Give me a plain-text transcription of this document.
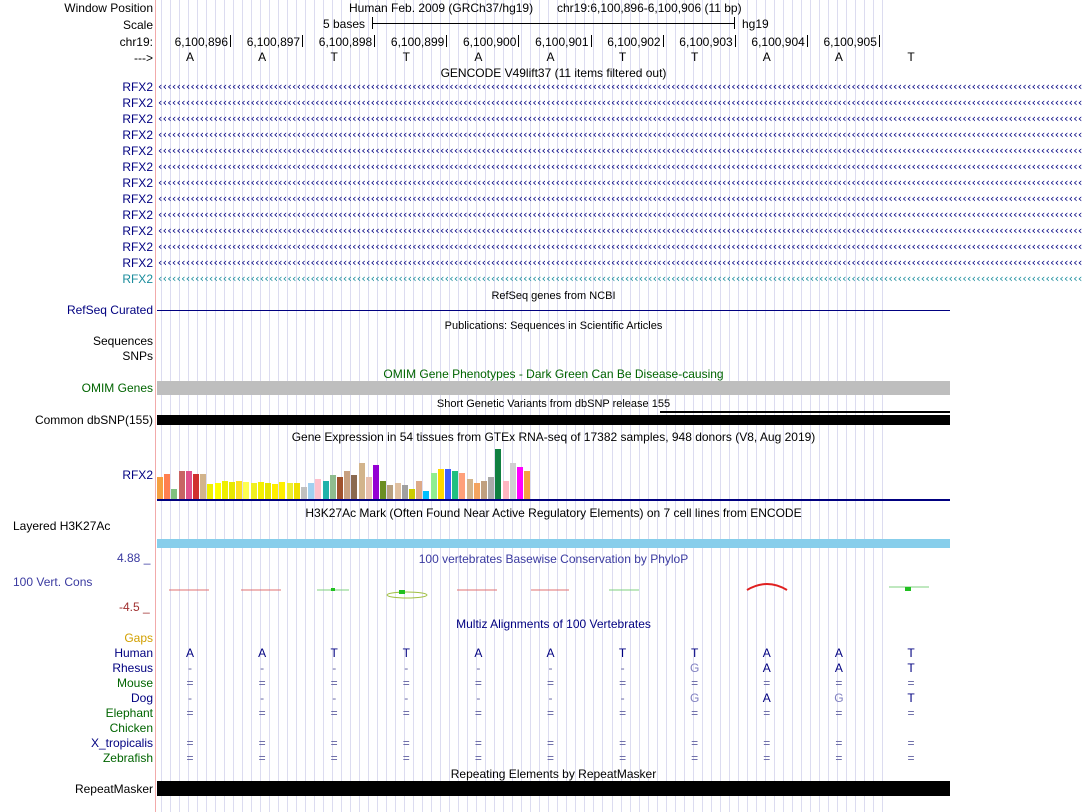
Window Position	Human Feb. 2009 (GRCh37/hg19) chr19:6,100,896-6,100,906 (11 bp)
Scale	5 bases	hg19
chr19:	6,100,896	6,100,897	6,100,898	6,100,899	6,100,900	6,100,901	6,100,902	6,100,903	6,100,904	6,100,905
--->	A	A	T	T	A	A	T	T	A	A	T
GENCODE V49lift37 (11 items filtered out)
RFX2 ‹‹‹‹‹‹‹‹‹‹‹‹‹‹‹‹‹‹‹‹‹‹‹‹‹‹‹‹‹‹‹‹‹‹‹‹‹‹‹‹‹‹‹‹‹‹‹‹‹‹‹‹‹‹‹‹‹‹‹‹‹‹‹‹‹‹‹‹‹‹‹‹‹‹‹‹‹‹‹‹‹‹‹‹‹‹‹‹‹‹‹‹‹‹‹‹‹‹‹‹‹‹‹‹‹‹‹‹‹‹‹‹‹‹‹‹‹‹‹‹‹‹‹‹‹‹‹‹‹‹‹‹‹‹‹‹‹‹‹‹‹‹‹‹‹‹‹‹‹‹‹‹‹‹‹‹‹‹‹‹‹‹‹‹‹‹‹‹‹‹‹‹‹‹‹‹‹‹‹‹‹‹‹‹‹‹‹‹‹‹‹‹‹‹‹‹‹‹‹‹
RFX2 ‹‹‹‹‹‹‹‹‹‹‹‹‹‹‹‹‹‹‹‹‹‹‹‹‹‹‹‹‹‹‹‹‹‹‹‹‹‹‹‹‹‹‹‹‹‹‹‹‹‹‹‹‹‹‹‹‹‹‹‹‹‹‹‹‹‹‹‹‹‹‹‹‹‹‹‹‹‹‹‹‹‹‹‹‹‹‹‹‹‹‹‹‹‹‹‹‹‹‹‹‹‹‹‹‹‹‹‹‹‹‹‹‹‹‹‹‹‹‹‹‹‹‹‹‹‹‹‹‹‹‹‹‹‹‹‹‹‹‹‹‹‹‹‹‹‹‹‹‹‹‹‹‹‹‹‹‹‹‹‹‹‹‹‹‹‹‹‹‹‹‹‹‹‹‹‹‹‹‹‹‹‹‹‹‹‹‹‹‹‹‹‹‹‹‹‹‹‹‹‹
RFX2 ‹‹‹‹‹‹‹‹‹‹‹‹‹‹‹‹‹‹‹‹‹‹‹‹‹‹‹‹‹‹‹‹‹‹‹‹‹‹‹‹‹‹‹‹‹‹‹‹‹‹‹‹‹‹‹‹‹‹‹‹‹‹‹‹‹‹‹‹‹‹‹‹‹‹‹‹‹‹‹‹‹‹‹‹‹‹‹‹‹‹‹‹‹‹‹‹‹‹‹‹‹‹‹‹‹‹‹‹‹‹‹‹‹‹‹‹‹‹‹‹‹‹‹‹‹‹‹‹‹‹‹‹‹‹‹‹‹‹‹‹‹‹‹‹‹‹‹‹‹‹‹‹‹‹‹‹‹‹‹‹‹‹‹‹‹‹‹‹‹‹‹‹‹‹‹‹‹‹‹‹‹‹‹‹‹‹‹‹‹‹‹‹‹‹‹‹‹‹‹‹
RFX2 ‹‹‹‹‹‹‹‹‹‹‹‹‹‹‹‹‹‹‹‹‹‹‹‹‹‹‹‹‹‹‹‹‹‹‹‹‹‹‹‹‹‹‹‹‹‹‹‹‹‹‹‹‹‹‹‹‹‹‹‹‹‹‹‹‹‹‹‹‹‹‹‹‹‹‹‹‹‹‹‹‹‹‹‹‹‹‹‹‹‹‹‹‹‹‹‹‹‹‹‹‹‹‹‹‹‹‹‹‹‹‹‹‹‹‹‹‹‹‹‹‹‹‹‹‹‹‹‹‹‹‹‹‹‹‹‹‹‹‹‹‹‹‹‹‹‹‹‹‹‹‹‹‹‹‹‹‹‹‹‹‹‹‹‹‹‹‹‹‹‹‹‹‹‹‹‹‹‹‹‹‹‹‹‹‹‹‹‹‹‹‹‹‹‹‹‹‹‹‹‹
RFX2 ‹‹‹‹‹‹‹‹‹‹‹‹‹‹‹‹‹‹‹‹‹‹‹‹‹‹‹‹‹‹‹‹‹‹‹‹‹‹‹‹‹‹‹‹‹‹‹‹‹‹‹‹‹‹‹‹‹‹‹‹‹‹‹‹‹‹‹‹‹‹‹‹‹‹‹‹‹‹‹‹‹‹‹‹‹‹‹‹‹‹‹‹‹‹‹‹‹‹‹‹‹‹‹‹‹‹‹‹‹‹‹‹‹‹‹‹‹‹‹‹‹‹‹‹‹‹‹‹‹‹‹‹‹‹‹‹‹‹‹‹‹‹‹‹‹‹‹‹‹‹‹‹‹‹‹‹‹‹‹‹‹‹‹‹‹‹‹‹‹‹‹‹‹‹‹‹‹‹‹‹‹‹‹‹‹‹‹‹‹‹‹‹‹‹‹‹‹‹‹‹
RFX2 ‹‹‹‹‹‹‹‹‹‹‹‹‹‹‹‹‹‹‹‹‹‹‹‹‹‹‹‹‹‹‹‹‹‹‹‹‹‹‹‹‹‹‹‹‹‹‹‹‹‹‹‹‹‹‹‹‹‹‹‹‹‹‹‹‹‹‹‹‹‹‹‹‹‹‹‹‹‹‹‹‹‹‹‹‹‹‹‹‹‹‹‹‹‹‹‹‹‹‹‹‹‹‹‹‹‹‹‹‹‹‹‹‹‹‹‹‹‹‹‹‹‹‹‹‹‹‹‹‹‹‹‹‹‹‹‹‹‹‹‹‹‹‹‹‹‹‹‹‹‹‹‹‹‹‹‹‹‹‹‹‹‹‹‹‹‹‹‹‹‹‹‹‹‹‹‹‹‹‹‹‹‹‹‹‹‹‹‹‹‹‹‹‹‹‹‹‹‹‹‹
RFX2 ‹‹‹‹‹‹‹‹‹‹‹‹‹‹‹‹‹‹‹‹‹‹‹‹‹‹‹‹‹‹‹‹‹‹‹‹‹‹‹‹‹‹‹‹‹‹‹‹‹‹‹‹‹‹‹‹‹‹‹‹‹‹‹‹‹‹‹‹‹‹‹‹‹‹‹‹‹‹‹‹‹‹‹‹‹‹‹‹‹‹‹‹‹‹‹‹‹‹‹‹‹‹‹‹‹‹‹‹‹‹‹‹‹‹‹‹‹‹‹‹‹‹‹‹‹‹‹‹‹‹‹‹‹‹‹‹‹‹‹‹‹‹‹‹‹‹‹‹‹‹‹‹‹‹‹‹‹‹‹‹‹‹‹‹‹‹‹‹‹‹‹‹‹‹‹‹‹‹‹‹‹‹‹‹‹‹‹‹‹‹‹‹‹‹‹‹‹‹‹‹
RFX2 ‹‹‹‹‹‹‹‹‹‹‹‹‹‹‹‹‹‹‹‹‹‹‹‹‹‹‹‹‹‹‹‹‹‹‹‹‹‹‹‹‹‹‹‹‹‹‹‹‹‹‹‹‹‹‹‹‹‹‹‹‹‹‹‹‹‹‹‹‹‹‹‹‹‹‹‹‹‹‹‹‹‹‹‹‹‹‹‹‹‹‹‹‹‹‹‹‹‹‹‹‹‹‹‹‹‹‹‹‹‹‹‹‹‹‹‹‹‹‹‹‹‹‹‹‹‹‹‹‹‹‹‹‹‹‹‹‹‹‹‹‹‹‹‹‹‹‹‹‹‹‹‹‹‹‹‹‹‹‹‹‹‹‹‹‹‹‹‹‹‹‹‹‹‹‹‹‹‹‹‹‹‹‹‹‹‹‹‹‹‹‹‹‹‹‹‹‹‹‹‹
RFX2 ‹‹‹‹‹‹‹‹‹‹‹‹‹‹‹‹‹‹‹‹‹‹‹‹‹‹‹‹‹‹‹‹‹‹‹‹‹‹‹‹‹‹‹‹‹‹‹‹‹‹‹‹‹‹‹‹‹‹‹‹‹‹‹‹‹‹‹‹‹‹‹‹‹‹‹‹‹‹‹‹‹‹‹‹‹‹‹‹‹‹‹‹‹‹‹‹‹‹‹‹‹‹‹‹‹‹‹‹‹‹‹‹‹‹‹‹‹‹‹‹‹‹‹‹‹‹‹‹‹‹‹‹‹‹‹‹‹‹‹‹‹‹‹‹‹‹‹‹‹‹‹‹‹‹‹‹‹‹‹‹‹‹‹‹‹‹‹‹‹‹‹‹‹‹‹‹‹‹‹‹‹‹‹‹‹‹‹‹‹‹‹‹‹‹‹‹‹‹‹‹
RFX2 ‹‹‹‹‹‹‹‹‹‹‹‹‹‹‹‹‹‹‹‹‹‹‹‹‹‹‹‹‹‹‹‹‹‹‹‹‹‹‹‹‹‹‹‹‹‹‹‹‹‹‹‹‹‹‹‹‹‹‹‹‹‹‹‹‹‹‹‹‹‹‹‹‹‹‹‹‹‹‹‹‹‹‹‹‹‹‹‹‹‹‹‹‹‹‹‹‹‹‹‹‹‹‹‹‹‹‹‹‹‹‹‹‹‹‹‹‹‹‹‹‹‹‹‹‹‹‹‹‹‹‹‹‹‹‹‹‹‹‹‹‹‹‹‹‹‹‹‹‹‹‹‹‹‹‹‹‹‹‹‹‹‹‹‹‹‹‹‹‹‹‹‹‹‹‹‹‹‹‹‹‹‹‹‹‹‹‹‹‹‹‹‹‹‹‹‹‹‹‹‹
RFX2 ‹‹‹‹‹‹‹‹‹‹‹‹‹‹‹‹‹‹‹‹‹‹‹‹‹‹‹‹‹‹‹‹‹‹‹‹‹‹‹‹‹‹‹‹‹‹‹‹‹‹‹‹‹‹‹‹‹‹‹‹‹‹‹‹‹‹‹‹‹‹‹‹‹‹‹‹‹‹‹‹‹‹‹‹‹‹‹‹‹‹‹‹‹‹‹‹‹‹‹‹‹‹‹‹‹‹‹‹‹‹‹‹‹‹‹‹‹‹‹‹‹‹‹‹‹‹‹‹‹‹‹‹‹‹‹‹‹‹‹‹‹‹‹‹‹‹‹‹‹‹‹‹‹‹‹‹‹‹‹‹‹‹‹‹‹‹‹‹‹‹‹‹‹‹‹‹‹‹‹‹‹‹‹‹‹‹‹‹‹‹‹‹‹‹‹‹‹‹‹‹
RFX2 ‹‹‹‹‹‹‹‹‹‹‹‹‹‹‹‹‹‹‹‹‹‹‹‹‹‹‹‹‹‹‹‹‹‹‹‹‹‹‹‹‹‹‹‹‹‹‹‹‹‹‹‹‹‹‹‹‹‹‹‹‹‹‹‹‹‹‹‹‹‹‹‹‹‹‹‹‹‹‹‹‹‹‹‹‹‹‹‹‹‹‹‹‹‹‹‹‹‹‹‹‹‹‹‹‹‹‹‹‹‹‹‹‹‹‹‹‹‹‹‹‹‹‹‹‹‹‹‹‹‹‹‹‹‹‹‹‹‹‹‹‹‹‹‹‹‹‹‹‹‹‹‹‹‹‹‹‹‹‹‹‹‹‹‹‹‹‹‹‹‹‹‹‹‹‹‹‹‹‹‹‹‹‹‹‹‹‹‹‹‹‹‹‹‹‹‹‹‹‹‹
RFX2 ‹‹‹‹‹‹‹‹‹‹‹‹‹‹‹‹‹‹‹‹‹‹‹‹‹‹‹‹‹‹‹‹‹‹‹‹‹‹‹‹‹‹‹‹‹‹‹‹‹‹‹‹‹‹‹‹‹‹‹‹‹‹‹‹‹‹‹‹‹‹‹‹‹‹‹‹‹‹‹‹‹‹‹‹‹‹‹‹‹‹‹‹‹‹‹‹‹‹‹‹‹‹‹‹‹‹‹‹‹‹‹‹‹‹‹‹‹‹‹‹‹‹‹‹‹‹‹‹‹‹‹‹‹‹‹‹‹‹‹‹‹‹‹‹‹‹‹‹‹‹‹‹‹‹‹‹‹‹‹‹‹‹‹‹‹‹‹‹‹‹‹‹‹‹‹‹‹‹‹‹‹‹‹‹‹‹‹‹‹‹‹‹‹‹‹‹‹‹‹‹
RefSeq genes from NCBI
RefSeq Curated
Publications: Sequences in Scientific Articles
Sequences
SNPs
OMIM Gene Phenotypes - Dark Green Can Be Disease-causing
OMIM Genes
Short Genetic Variants from dbSNP release 155
Common dbSNP(155)
Gene Expression in 54 tissues from GTEx RNA-seq of 17382 samples, 948 donors (V8, Aug 2019)
RFX2
H3K27Ac Mark (Often Found Near Active Regulatory Elements) on 7 cell lines from ENCODE
Layered H3K27Ac
4.88 _	100 vertebrates Basewise Conservation by PhyloP
100 Vert. Cons
-4.5 _
Multiz Alignments of 100 Vertebrates
Gaps
Human	A	A	T	T	A	A	T	T	A	A	T
Rhesus	-	-	-	-	-	-	-	G	A	A	T
Mouse	=	=	=	=	=	=	=	=	=	=	=
Dog	-	-	-	-	-	-	-	G	A	G	T
Elephant	=	=	=	=	=	=	=	=	=	=	=
Chicken
X_tropicalis	=	=	=	=	=	=	=	=	=	=	=
Zebrafish	=	=	=	=	=	=	=	=	=	=	=
Repeating Elements by RepeatMasker
RepeatMasker
